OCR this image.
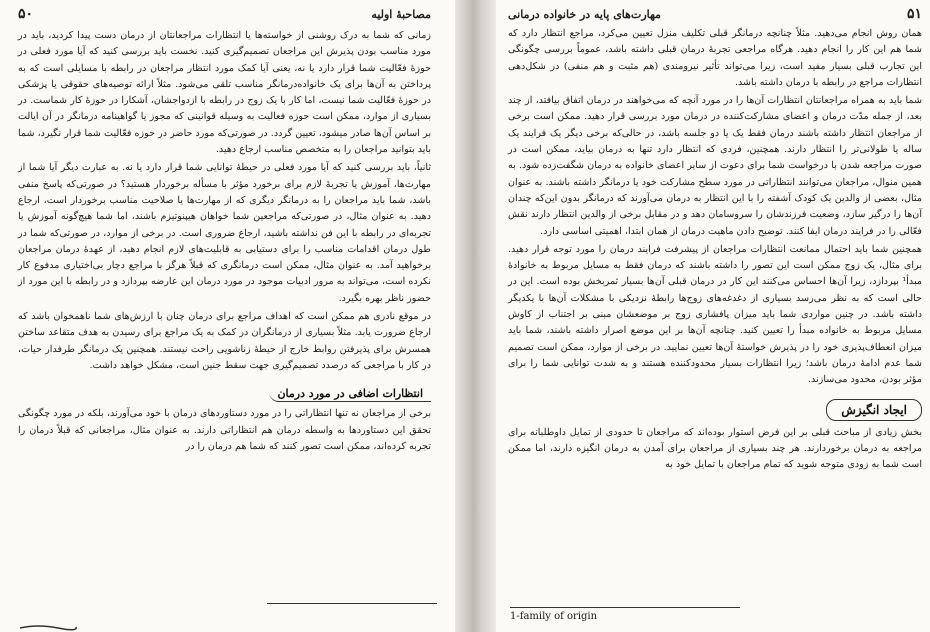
مصاحبهٔ اولیه
۵۰

زمانی که شما به درک روشنی از خواسته‌ها یا انتظارات مراجعانتان از درمان دست پیدا کردید، باید در مورد مناسب بودن پذیرش این مراجعان تصمیم‌گیری کنید. نخست باید بررسی کنید که آیا مورد فعلی در حوزهٔ فعّالیت شما قرار دارد یا نه، یعنی آیا کمک مورد انتظار مراجعان در رابطه با مسایلی است که به پرداختن به آن‌ها برای یک خانواده‌درمانگر مناسب تلقی می‌شود. مثلاً ارائه توصیه‌های حقوقی یا پزشکی در حوزهٔ فعّالیت شما نیست، اما کار با یک زوج در رابطه با ازدواجشان، آشکارا در حوزهٔ کار شماست. در بسیاری از موارد، ممکن است حوزه فعالیت به وسیله قوانینی که مجوز یا گواهینامه درمانگر در آن ایالت بر اساس آن‌ها صادر میشود، تعیین گردد. در صورتی‌که مورد حاضر در حوزه فعّالیت شما قرار نگیرد، شما باید بتوانید مراجعان را به متخصص مناسب ارجاع دهید.

ثانیاً، باید بررسی کنید که آیا مورد فعلی در حیطهٔ توانایی شما قرار دارد یا نه. به عبارت دیگر آیا شما از مهارت‌ها، آموزش یا تجربهٔ لازم برای برخورد مؤثر با مسأله برخوردار هستید؟ در صورتی‌که پاسخ منفی باشد، شما باید مراجعان را به درمانگر دیگری که از مهارت‌ها یا صلاحیت مناسب برخوردار است، ارجاع دهید. به عنوان مثال، در صورتی‌که مراجعین شما خواهان هیپنوتیزم باشند، اما شما هیچ‌گونه آموزش یا تجربه‌ای در رابطه با این فن نداشته باشید، ارجاع ضروری است. در برخی از موارد، در صورتی‌که شما در طول درمان اقدامات مناسب را برای دستیابی به قابلیت‌های لازم انجام دهید، از عهدهٔ درمان مراجعان برخواهید آمد. به عنوان مثال، ممکن است درمانگری که قبلاً هرگز با مراجع دچار بی‌اختیاری مدفوع کار نکرده است، می‌تواند به مرور ادبیات موجود در مورد درمان این عارضه بپردازد و در رابطه با این مورد از حضور ناظر بهره بگیرد.

در موقع نادری هم ممکن است که اهداف مراجع برای درمان چنان با ارزش‌های شما ناهمخوان باشد که ارجاع ضرورت یابد. مثلاً بسیاری از درمانگران در کمک به یک مراجع برای رسیدن به هدف متقاعد ساختن همسرش برای پذیرفتن روابط خارج از حیطهٔ زناشویی راحت نیستند. همچنین یک درمانگر طرفدار حیات، در کار با مراجعی که درصدد تصمیم‌گیری جهت سقط جنین است، مشکل خواهد داشت.

انتظارات اضافی در مورد درمان

برخی از مراجعان نه تنها انتظاراتی را در مورد دستاوردهای درمان با خود می‌آورند، بلکه در مورد چگونگی تحقق این دستاوردها به واسطه درمان هم انتظاراتی دارند. به عنوان مثال، مراجعانی که قبلاً درمان را تجربه کرده‌اند، ممکن است تصور کنند که شما هم درمان را در

۵۱
مهارت‌های پایه در خانواده درمانی

همان روش انجام می‌دهید. مثلاً چنانچه درمانگر قبلی تکلیف منزل تعیین می‌کرد، مراجع انتظار دارد که شما هم این کار را انجام دهید. هرگاه مراجعی تجربهٔ درمان قبلی داشته باشد، عموماً بررسی چگونگی این تجارب قبلی بسیار مفید است، زیرا می‌تواند تأثیر نیرومندی (هم مثبت و هم منفی) در شکل‌دهی انتظارات مراجع در رابطه با درمان داشته باشد.

شما باید به همراه مراجعانتان انتظارات آن‌ها را در مورد آنچه که می‌خواهند در درمان اتفاق بیافتد، از چند بعد، از جمله مدّت درمان و اعضای مشارکت‌کننده در درمان مورد بررسی قرار دهید. ممکن است برخی از مراجعان انتظار داشته باشند درمان فقط یک یا دو جلسه باشد، در حالی‌که برخی دیگر یک فرایند یک ساله یا طولانی‌تر را انتظار دارند. همچنین، فردی که انتظار دارد تنها به درمان بیاید، ممکن است در صورت مراجعه شدن با درخواست شما برای دعوت از سایر اعضای خانواده به درمان شگفت‌زده شود. به همین منوال، مراجعان می‌توانند انتظاراتی در مورد سطح مشارکت خود یا درمانگر داشته باشند. به عنوان مثال، بعضی از والدین یک کودک آشفته را با این انتظار به درمان می‌آورند که درمانگر بدون این‌که چندان آن‌ها را درگیر سازد، وضعیت فرزندشان را سروسامان دهد و در مقابل برخی از والدین انتظار دارند نقش فعّالی را در فرایند درمان ایفا کنند. توضیح دادن ماهیت درمان از همان ابتدا، اهمیتی اساسی دارد.

همچنین شما باید احتمال ممانعت انتظارات مراجعان از پیشرفت فرایند درمان را مورد توجه قرار دهید. برای مثال، یک زوج ممکن است این تصور را داشته باشند که درمان فقط به مسایل مربوط به خانوادهٔ مبدأ¹ بپردازد، زیرا آن‌ها احساس می‌کنند این کار در درمان قبلی آن‌ها بسیار ثمربخش بوده است. این در حالی است که به نظر می‌رسد بسیاری از دغدغه‌های زوج‌ها رابطهٔ نزدیکی با مشکلات آن‌ها با یکدیگر داشته باشد. در چنین مواردی شما باید میزان پافشاری زوج بر موضعشان مبنی بر اجتناب از کاوش مسایل مربوط به خانواده مبدأ را تعیین کنید. چنانچه آن‌ها بر این موضع اصرار داشته باشند، شما باید میزان انعطاف‌پذیری خود را در پذیرش خواستهٔ آن‌ها تعیین نمایید. در برخی از موارد، ممکن است تصمیم شما عدم ادامهٔ درمان باشد؛ زیرا انتظارات بسیار محدودکننده هستند و به شدت توانایی شما را برای مؤثر بودن، محدود می‌سازند.

ایجاد انگیزش

بخش زیادی از مباحث قبلی بر این فرض استوار بوده‌اند که مراجعان تا حدودی از تمایل داوطلبانه برای مراجعه به درمان برخوردارند. هر چند بسیاری از مراجعان برای آمدن به درمان انگیزه دارند، اما ممکن است شما به زودی متوجه شوید که تمام مراجعان با تمایل خود به

1-family of origin
